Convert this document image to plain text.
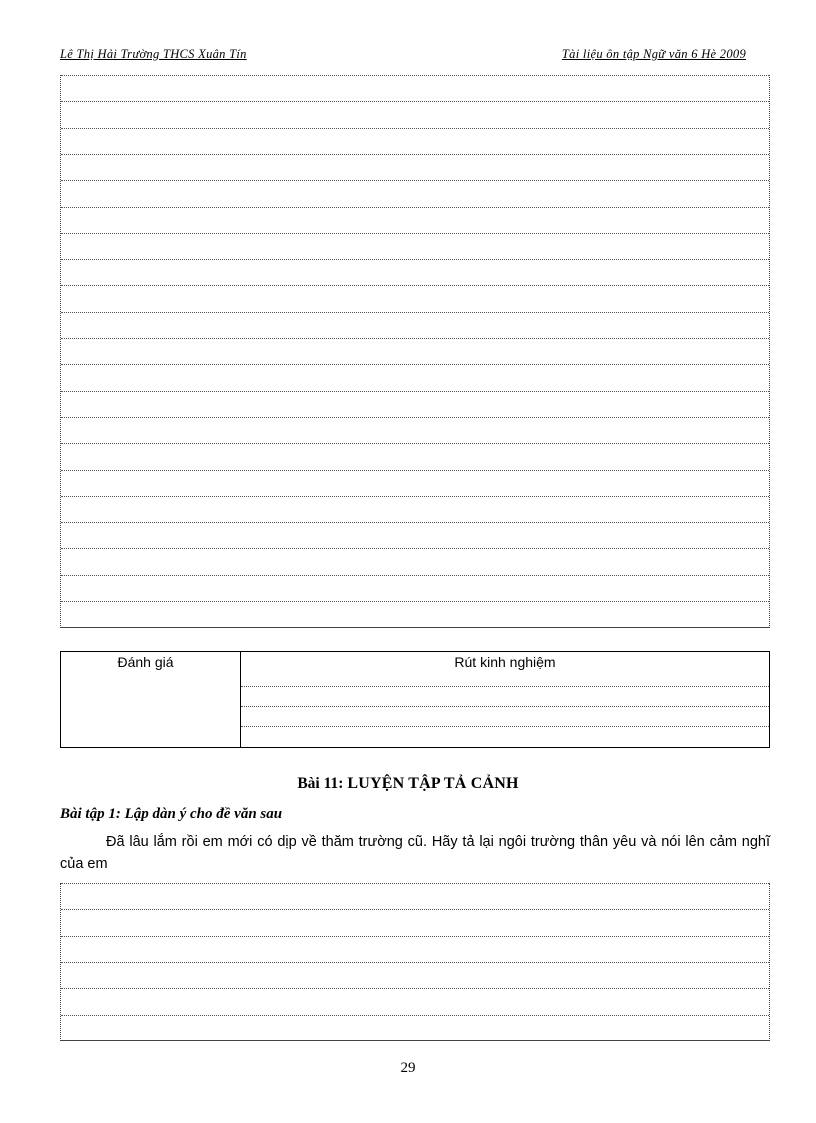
Lê Thị Hải Trường THCS Xuân Tín	Tài liệu ôn tập Ngữ văn 6 Hè 2009
Đánh giá	Rút kinh nghiệm
Bài 11: LUYỆN TẬP TẢ CẢNH
Bài tập 1: Lập dàn ý cho đề văn sau
Đã lâu lắm rồi em mới có dịp về thăm trường cũ. Hãy tả lại ngôi trường thân yêu và nói lên cảm nghĩ của em
29
